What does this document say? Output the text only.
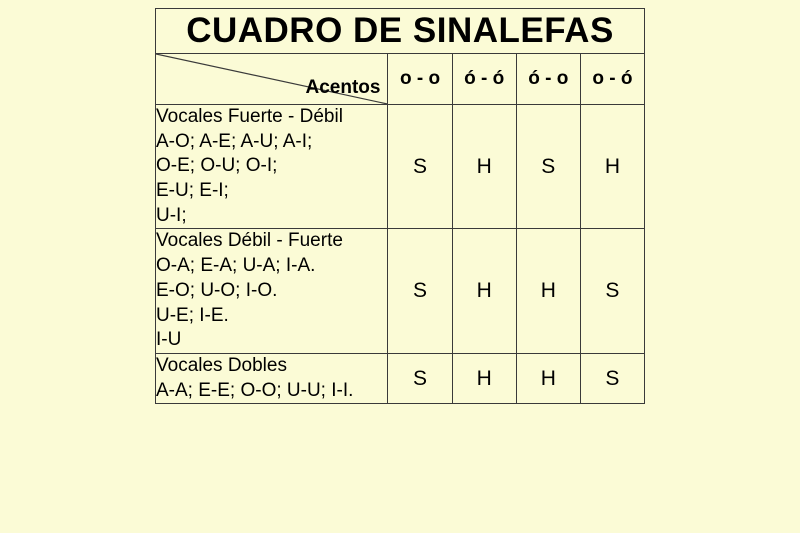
CUADRO DE SINALEFAS				

Acentos	o - o	ó - ó	ó - o	o - ó

Vocales Fuerte - Débil
A-O; A-E; A-U; A-I;
O-E; O-U; O-I;
E-U; E-I;
U-I;	S	H	S	H

Vocales Débil - Fuerte
O-A; E-A; U-A; I-A.
E-O; U-O; I-O.
U-E; I-E.
I-U	S	H	H	S

Vocales Dobles
A-A; E-E; O-O; U-U; I-I.	S	H	H	S
